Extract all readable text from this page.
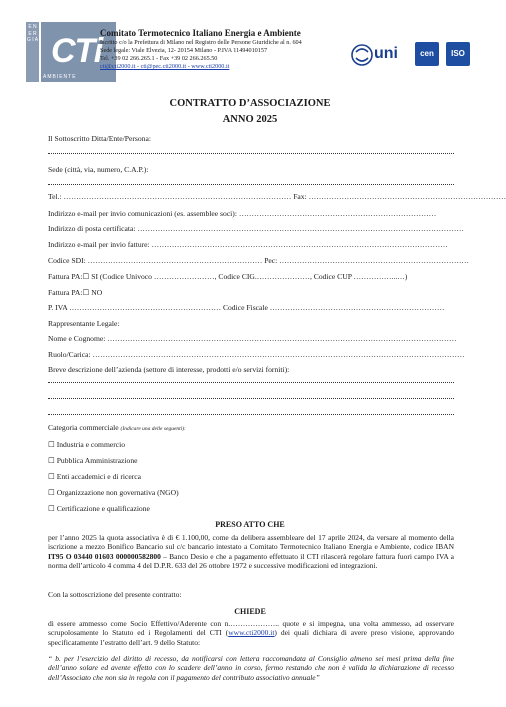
E N E R G I A CTi
AMBIENTE
Comitato Termotecnico Italiano Energia e Ambiente
Iscritto c/o la Prefettura di Milano nel Registro delle Persone Giuridiche al n. 604
Sede legale: Viale Elvezia, 12- 20154 Milano - P.IVA 11494010157
Tel. +39 02 266.265.1 - Fax +39 02 266.265.50
cti@cti2000.it - cti@pec.cti2000.it - www.cti2000.it
uni	cen	ISO
CONTRATTO D’ASSOCIAZIONE
ANNO 2025
Il Sottoscritto Ditta/Ente/Persona:
Sede (città, via, numero, C.A.P.):
Tel.: ……………………………………………………………………………… Fax: ……………………………………………………………………
Indirizzo e-mail per invio comunicazioni (es. assemblee soci): ……………………………………………………………………
Indirizzo di posta certificata: …………………………………………………………………………………………………………………
Indirizzo e-mail per invio fatture: ………………………………………………………………………………………………………
Codice SDI: …………………………………………………………… Pec: …………………………………………………………………
Fattura PA:☐ SI (Codice Univoco ……………………, Codice CIG.…………………, Codice CUP ……………...…)
Fattura PA:☐ NO
P. IVA …………………………………………………… Codice Fiscale ……………………………………………………………
Rappresentante Legale:
Nome e Cognome: …………………………………………………………………………………………………………………………
Ruolo/Carica: …………………………………………………………………………………………………………………………………
Breve descrizione dell’azienda (settore di interesse, prodotti e/o servizi forniti):
Categoria commerciale (Indicare una delle seguenti):
☐ Industria e commercio
☐ Pubblica Amministrazione
☐ Enti accademici e di ricerca
☐ Organizzazione non governativa (NGO)
☐ Certificazione e qualificazione
PRESO ATTO CHE
per l’anno 2025 la quota associativa è di € 1.100,00, come da delibera assembleare del 17 aprile 2024, da versare al momento della iscrizione a mezzo Bonifico Bancario sul c/c bancario intestato a Comitato Termotecnico Italiano Energia e Ambiente, codice IBAN IT95 O 03440 01603 000000582800 – Banco Desio e che a pagamento effettuato il CTI rilascerà regolare fattura fuori campo IVA a norma dell’articolo 4 comma 4 del D.P.R. 633 del 26 ottobre 1972 e successive modificazioni ed integrazioni.
Con la sottoscrizione del presente contratto:
CHIEDE
di essere ammesso come Socio Effettivo/Aderente con n.……………….. quote e si impegna, una volta ammesso, ad osservare scrupolosamente lo Statuto ed i Regolamenti del CTI (www.cti2000.it) dei quali dichiara di avere preso visione, approvando specificatamente l’estratto dell’art. 9 dello Statuto:
“ b. per l’esercizio del diritto di recesso, da notificarsi con lettera raccomandata al Consiglio almeno sei mesi prima della fine dell’anno solare ed avente effetto con lo scadere dell’anno in corso, fermo restando che non è valida la dichiarazione di recesso dell’Associato che non sia in regola con il pagamento del contributo associativo annuale”
